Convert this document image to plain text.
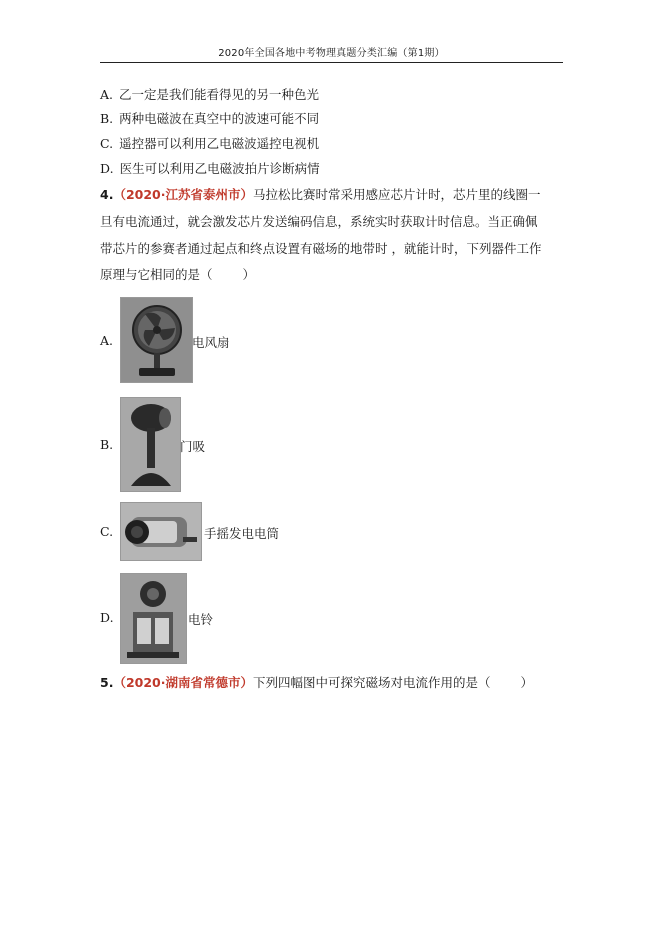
2020年全国各地中考物理真题分类汇编（第1期）
A. 乙一定是我们能看得见的另一种色光
B. 两种电磁波在真空中的波速可能不同
C. 遥控器可以利用乙电磁波遥控电视机
D. 医生可以利用乙电磁波拍片诊断病情
4.（2020·江苏省泰州市）马拉松比赛时常采用感应芯片计时，芯片里的线圈一
旦有电流通过，就会激发芯片发送编码信息，系统实时获取计时信息。当正确佩
带芯片的参赛者通过起点和终点设置有磁场的地带时 ，就能计时，下列器件工作
原理与它相同的是（ ）
A.	电风扇
B.	门吸
C.	手摇发电电筒
D.	电铃
5.（2020·湖南省常德市）下列四幅图中可探究磁场对电流作用的是（ ）
